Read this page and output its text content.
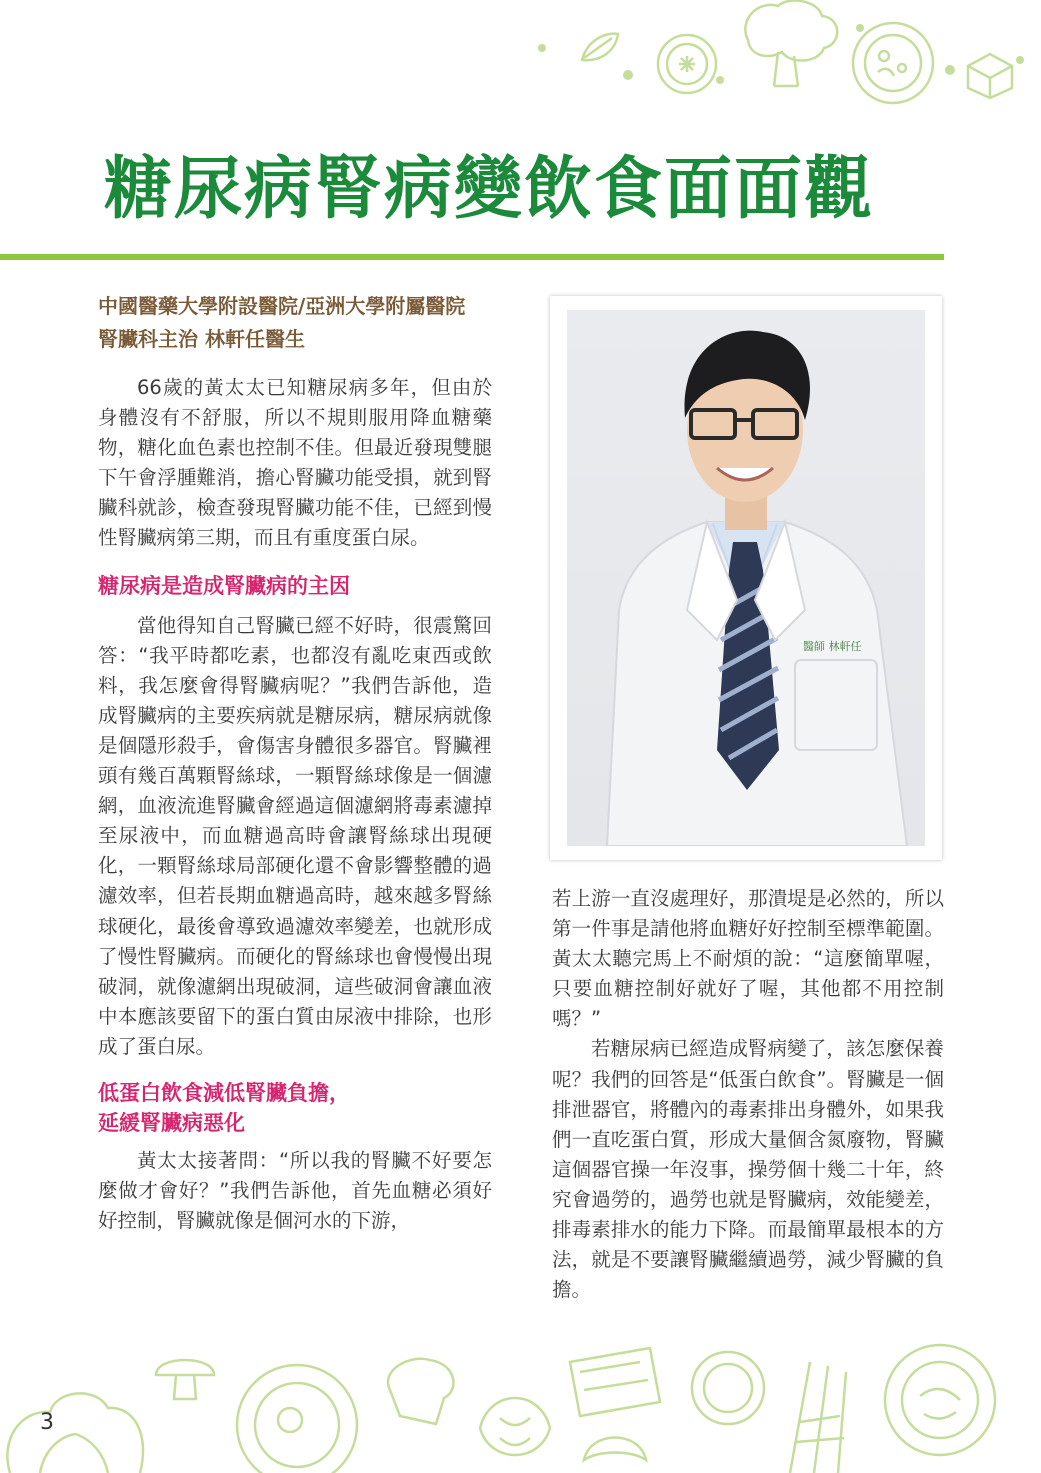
糖尿病腎病變飲食面面觀
中國醫藥大學附設醫院/亞洲大學附屬醫院
腎臟科主治 林軒任醫生

66歲的黃太太已知糖尿病多年，但由於身體沒有不舒服，所以不規則服用降血糖藥物，糖化血色素也控制不佳。但最近發現雙腿下午會浮腫難消，擔心腎臟功能受損，就到腎臟科就診，檢查發現腎臟功能不佳，已經到慢性腎臟病第三期，而且有重度蛋白尿。

糖尿病是造成腎臟病的主因

當他得知自己腎臟已經不好時，很震驚回答：“我平時都吃素，也都沒有亂吃東西或飲料，我怎麼會得腎臟病呢？”我們告訴他，造成腎臟病的主要疾病就是糖尿病，糖尿病就像是個隱形殺手，會傷害身體很多器官。腎臟裡頭有幾百萬顆腎絲球，一顆腎絲球像是一個濾網，血液流進腎臟會經過這個濾網將毒素濾掉至尿液中，而血糖過高時會讓腎絲球出現硬化，一顆腎絲球局部硬化還不會影響整體的過濾效率，但若長期血糖過高時，越來越多腎絲球硬化，最後會導致過濾效率變差，也就形成了慢性腎臟病。而硬化的腎絲球也會慢慢出現破洞，就像濾網出現破洞，這些破洞會讓血液中本應該要留下的蛋白質由尿液中排除，也形成了蛋白尿。

低蛋白飲食減低腎臟負擔，
延緩腎臟病惡化

黃太太接著問：“所以我的腎臟不好要怎麼做才會好？”我們告訴他，首先血糖必須好好控制，腎臟就像是個河水的下游，

醫師 林軒任

若上游一直沒處理好，那潰堤是必然的，所以第一件事是請他將血糖好好控制至標準範圍。黃太太聽完馬上不耐煩的說：“這麼簡單喔，只要血糖控制好就好了喔，其他都不用控制嗎？”

若糖尿病已經造成腎病變了，該怎麼保養呢？我們的回答是“低蛋白飲食”。腎臟是一個排泄器官，將體內的毒素排出身體外，如果我們一直吃蛋白質，形成大量個含氮廢物，腎臟這個器官操一年沒事，操勞個十幾二十年，終究會過勞的，過勞也就是腎臟病，效能變差，排毒素排水的能力下降。而最簡單最根本的方法，就是不要讓腎臟繼續過勞，減少腎臟的負擔。

3
